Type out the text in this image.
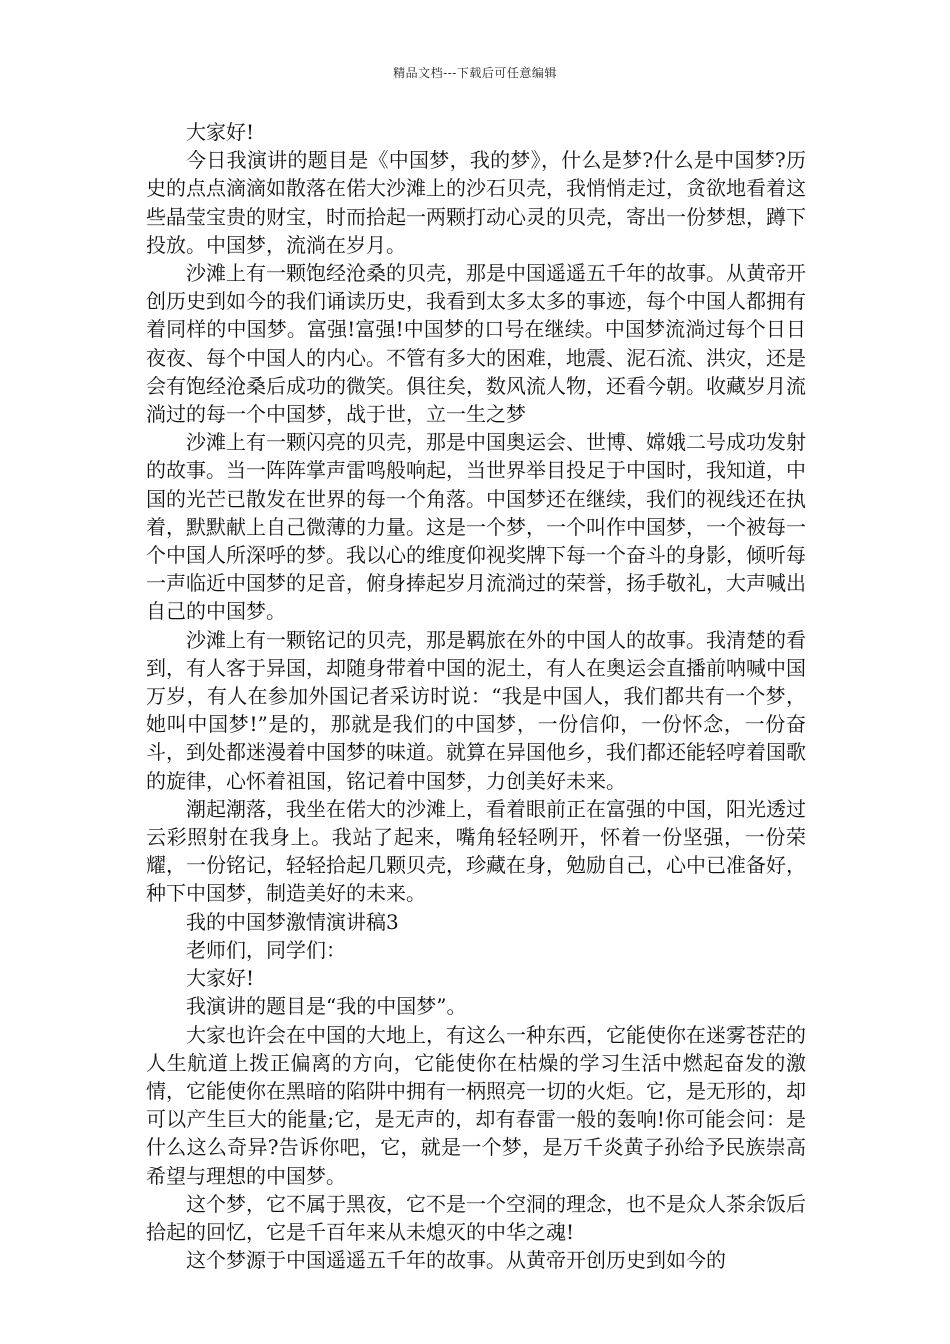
精品文档---下载后可任意编辑

大家好!

今日我演讲的题目是《中国梦，我的梦》，什么是梦?什么是中国梦?历史的点点滴滴如散落在偌大沙滩上的沙石贝壳，我悄悄走过，贪欲地看着这些晶莹宝贵的财宝，时而拾起一两颗打动心灵的贝壳，寄出一份梦想，蹲下投放。中国梦，流淌在岁月。

沙滩上有一颗饱经沧桑的贝壳，那是中国遥遥五千年的故事。从黄帝开创历史到如今的我们诵读历史，我看到太多太多的事迹，每个中国人都拥有着同样的中国梦。富强!富强!中国梦的口号在继续。中国梦流淌过每个日日夜夜、每个中国人的内心。不管有多大的困难，地震、泥石流、洪灾，还是会有饱经沧桑后成功的微笑。俱往矣，数风流人物，还看今朝。收藏岁月流淌过的每一个中国梦，战于世，立一生之梦

沙滩上有一颗闪亮的贝壳，那是中国奥运会、世博、嫦娥二号成功发射的故事。当一阵阵掌声雷鸣般响起，当世界举目投足于中国时，我知道，中国的光芒已散发在世界的每一个角落。中国梦还在继续，我们的视线还在执着，默默献上自己微薄的力量。这是一个梦，一个叫作中国梦，一个被每一个中国人所深呼的梦。我以心的维度仰视奖牌下每一个奋斗的身影，倾听每一声临近中国梦的足音，俯身捧起岁月流淌过的荣誉，扬手敬礼，大声喊出自己的中国梦。

沙滩上有一颗铭记的贝壳，那是羁旅在外的中国人的故事。我清楚的看到，有人客于异国，却随身带着中国的泥土，有人在奥运会直播前呐喊中国万岁，有人在参加外国记者采访时说：“我是中国人，我们都共有一个梦，她叫中国梦!”是的，那就是我们的中国梦，一份信仰，一份怀念，一份奋斗，到处都迷漫着中国梦的味道。就算在异国他乡，我们都还能轻哼着国歌的旋律，心怀着祖国，铭记着中国梦，力创美好未来。

潮起潮落，我坐在偌大的沙滩上，看着眼前正在富强的中国，阳光透过云彩照射在我身上。我站了起来，嘴角轻轻咧开，怀着一份坚强，一份荣耀，一份铭记，轻轻拾起几颗贝壳，珍藏在身，勉励自己，心中已准备好，种下中国梦，制造美好的未来。

我的中国梦激情演讲稿3

老师们，同学们：

大家好!

我演讲的题目是“我的中国梦”。

大家也许会在中国的大地上，有这么一种东西，它能使你在迷雾苍茫的人生航道上拨正偏离的方向，它能使你在枯燥的学习生活中燃起奋发的激情，它能使你在黑暗的陷阱中拥有一柄照亮一切的火炬。它，是无形的，却可以产生巨大的能量;它，是无声的，却有春雷一般的轰响!你可能会问：是什么这么奇异?告诉你吧，它，就是一个梦，是万千炎黄子孙给予民族崇高希望与理想的中国梦。

这个梦，它不属于黑夜，它不是一个空洞的理念，也不是众人茶余饭后拾起的回忆，它是千百年来从未熄灭的中华之魂!

这个梦源于中国遥遥五千年的故事。从黄帝开创历史到如今的
